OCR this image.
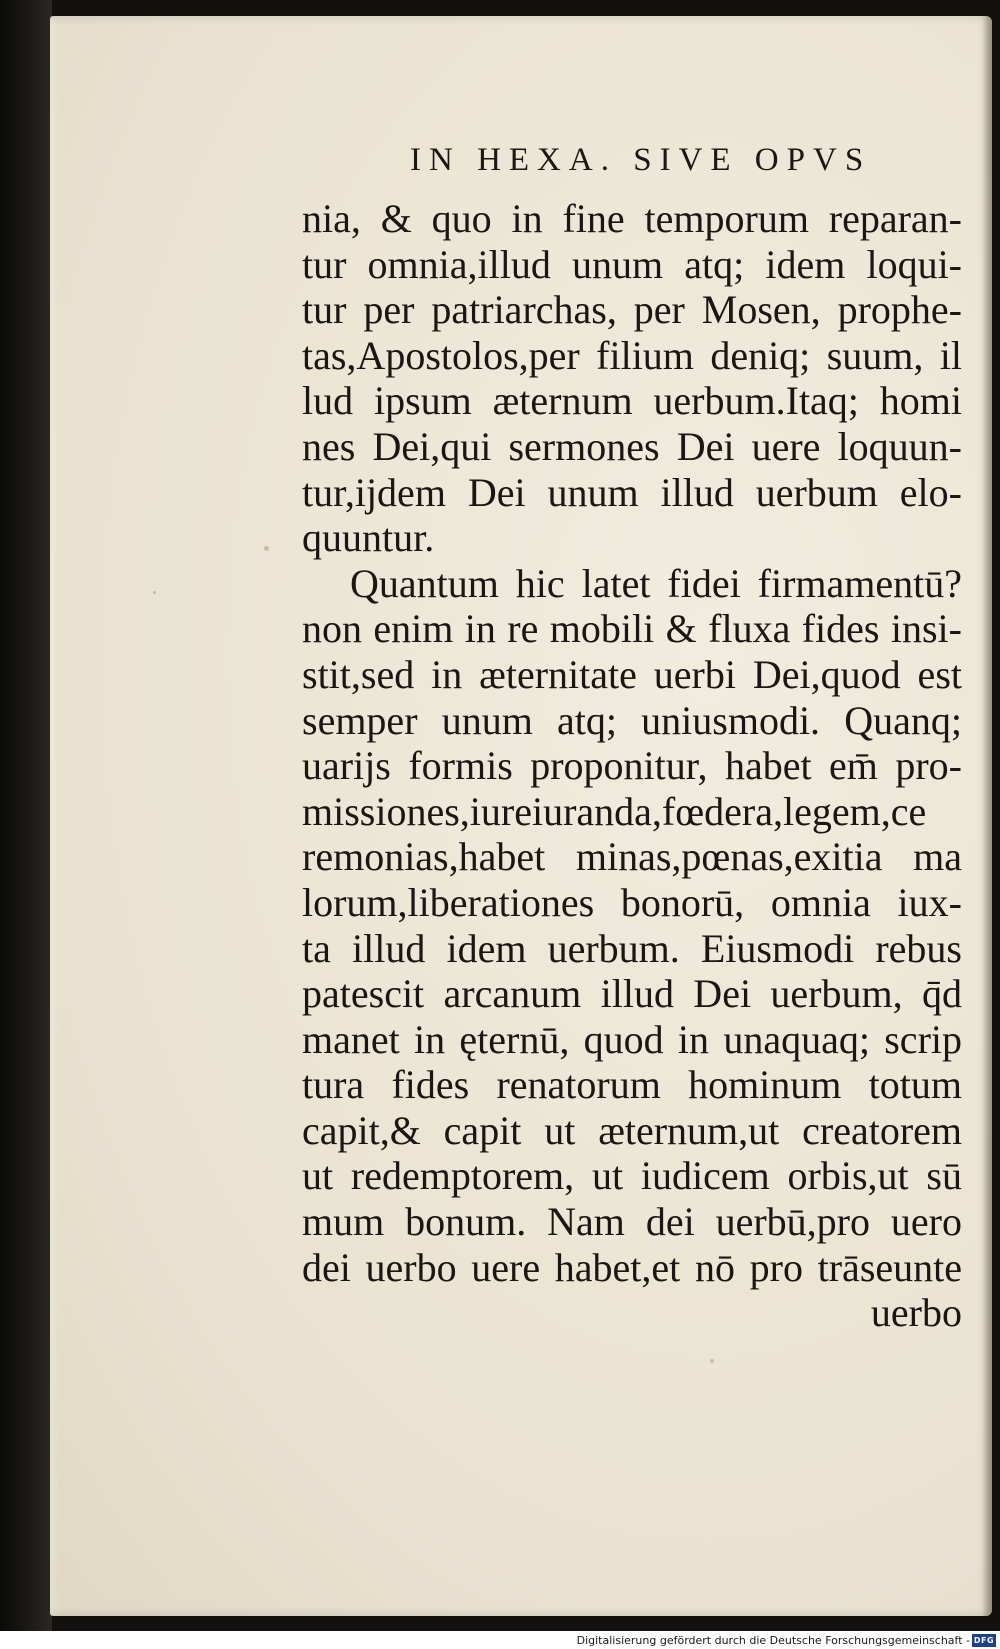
IN HEXA. SIVE OPVS
nia, & quo in fine temporum reparan-
tur omnia,illud unum atq; idem loqui-
tur per patriarchas, per Mosen, prophe-
tas,Apostolos,per filium deniq; suum, il
lud ipsum æternum uerbum.Itaq; homi
nes Dei,qui sermones Dei uere loquun-
tur,ijdem Dei unum illud uerbum elo-
quuntur.
Quantum hic latet fidei firmamentū?
non enim in re mobili & fluxa fides insi-
stit,sed in æternitate uerbi Dei,quod est
semper unum atq; uniusmodi. Quanq;
uarijs formis proponitur, habet em̄ pro-
missiones,iureiuranda,fœdera,legem,ce
remonias,habet minas,pœnas,exitia ma
lorum,liberationes bonorū, omnia iux-
ta illud idem uerbum. Eiusmodi rebus
patescit arcanum illud Dei uerbum, q̄d
manet in ęternū, quod in unaquaq; scrip
tura fides renatorum hominum totum
capit,& capit ut æternum,ut creatorem
ut redemptorem, ut iudicem orbis,ut sū
mum bonum. Nam dei uerbū,pro uero
dei uerbo uere habet,et nō pro trāseunte
uerbo
Digitalisierung gefördert durch die Deutsche Forschungsgemeinschaft - DFG
